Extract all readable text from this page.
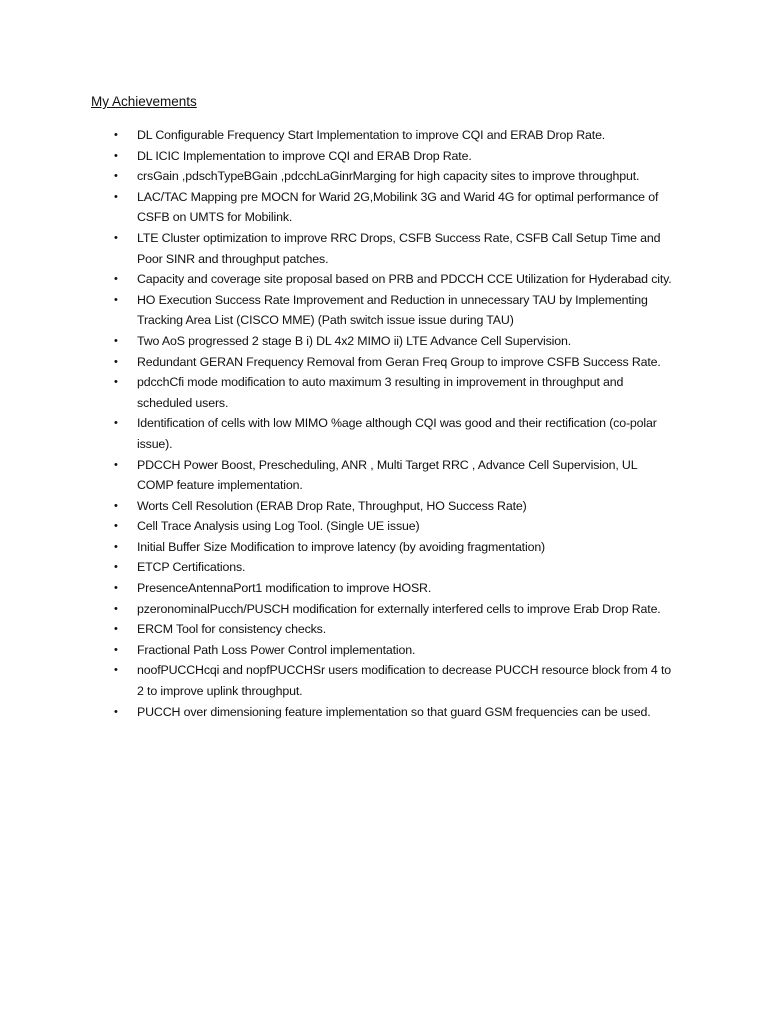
My Achievements
• DL Configurable Frequency Start Implementation to improve CQI and ERAB Drop Rate.
• DL ICIC Implementation to improve CQI and ERAB Drop Rate.
• crsGain ,pdschTypeBGain ,pdcchLaGinrMarging for high capacity sites to improve throughput.
• LAC/TAC Mapping pre MOCN for Warid 2G,Mobilink 3G and Warid 4G for optimal performance of CSFB on UMTS for Mobilink.
• LTE Cluster optimization to improve RRC Drops, CSFB Success Rate, CSFB Call Setup Time and Poor SINR and throughput patches.
• Capacity and coverage site proposal based on PRB and PDCCH CCE Utilization for Hyderabad city.
• HO Execution Success Rate Improvement and Reduction in unnecessary TAU by Implementing Tracking Area List (CISCO MME) (Path switch issue issue during TAU)
• Two AoS progressed 2 stage B i) DL 4x2 MIMO ii) LTE Advance Cell Supervision.
• Redundant GERAN Frequency Removal from Geran Freq Group to improve CSFB Success Rate.
• pdcchCfi mode modification to auto maximum 3 resulting in improvement in throughput and scheduled users.
• Identification of cells with low MIMO %age although CQI was good and their rectification (co-polar issue).
• PDCCH Power Boost, Prescheduling, ANR , Multi Target RRC , Advance Cell Supervision, UL COMP feature implementation.
• Worts Cell Resolution (ERAB Drop Rate, Throughput, HO Success Rate)
• Cell Trace Analysis using Log Tool. (Single UE issue)
• Initial Buffer Size Modification to improve latency (by avoiding fragmentation)
• ETCP Certifications.
• PresenceAntennaPort1 modification to improve HOSR.
• pzeronominalPucch/PUSCH modification for externally interfered cells to improve Erab Drop Rate.
• ERCM Tool for consistency checks.
• Fractional Path Loss Power Control implementation.
• noofPUCCHcqi and nopfPUCCHSr users modification to decrease PUCCH resource block from 4 to 2 to improve uplink throughput.
• PUCCH over dimensioning feature implementation so that guard GSM frequencies can be used.
